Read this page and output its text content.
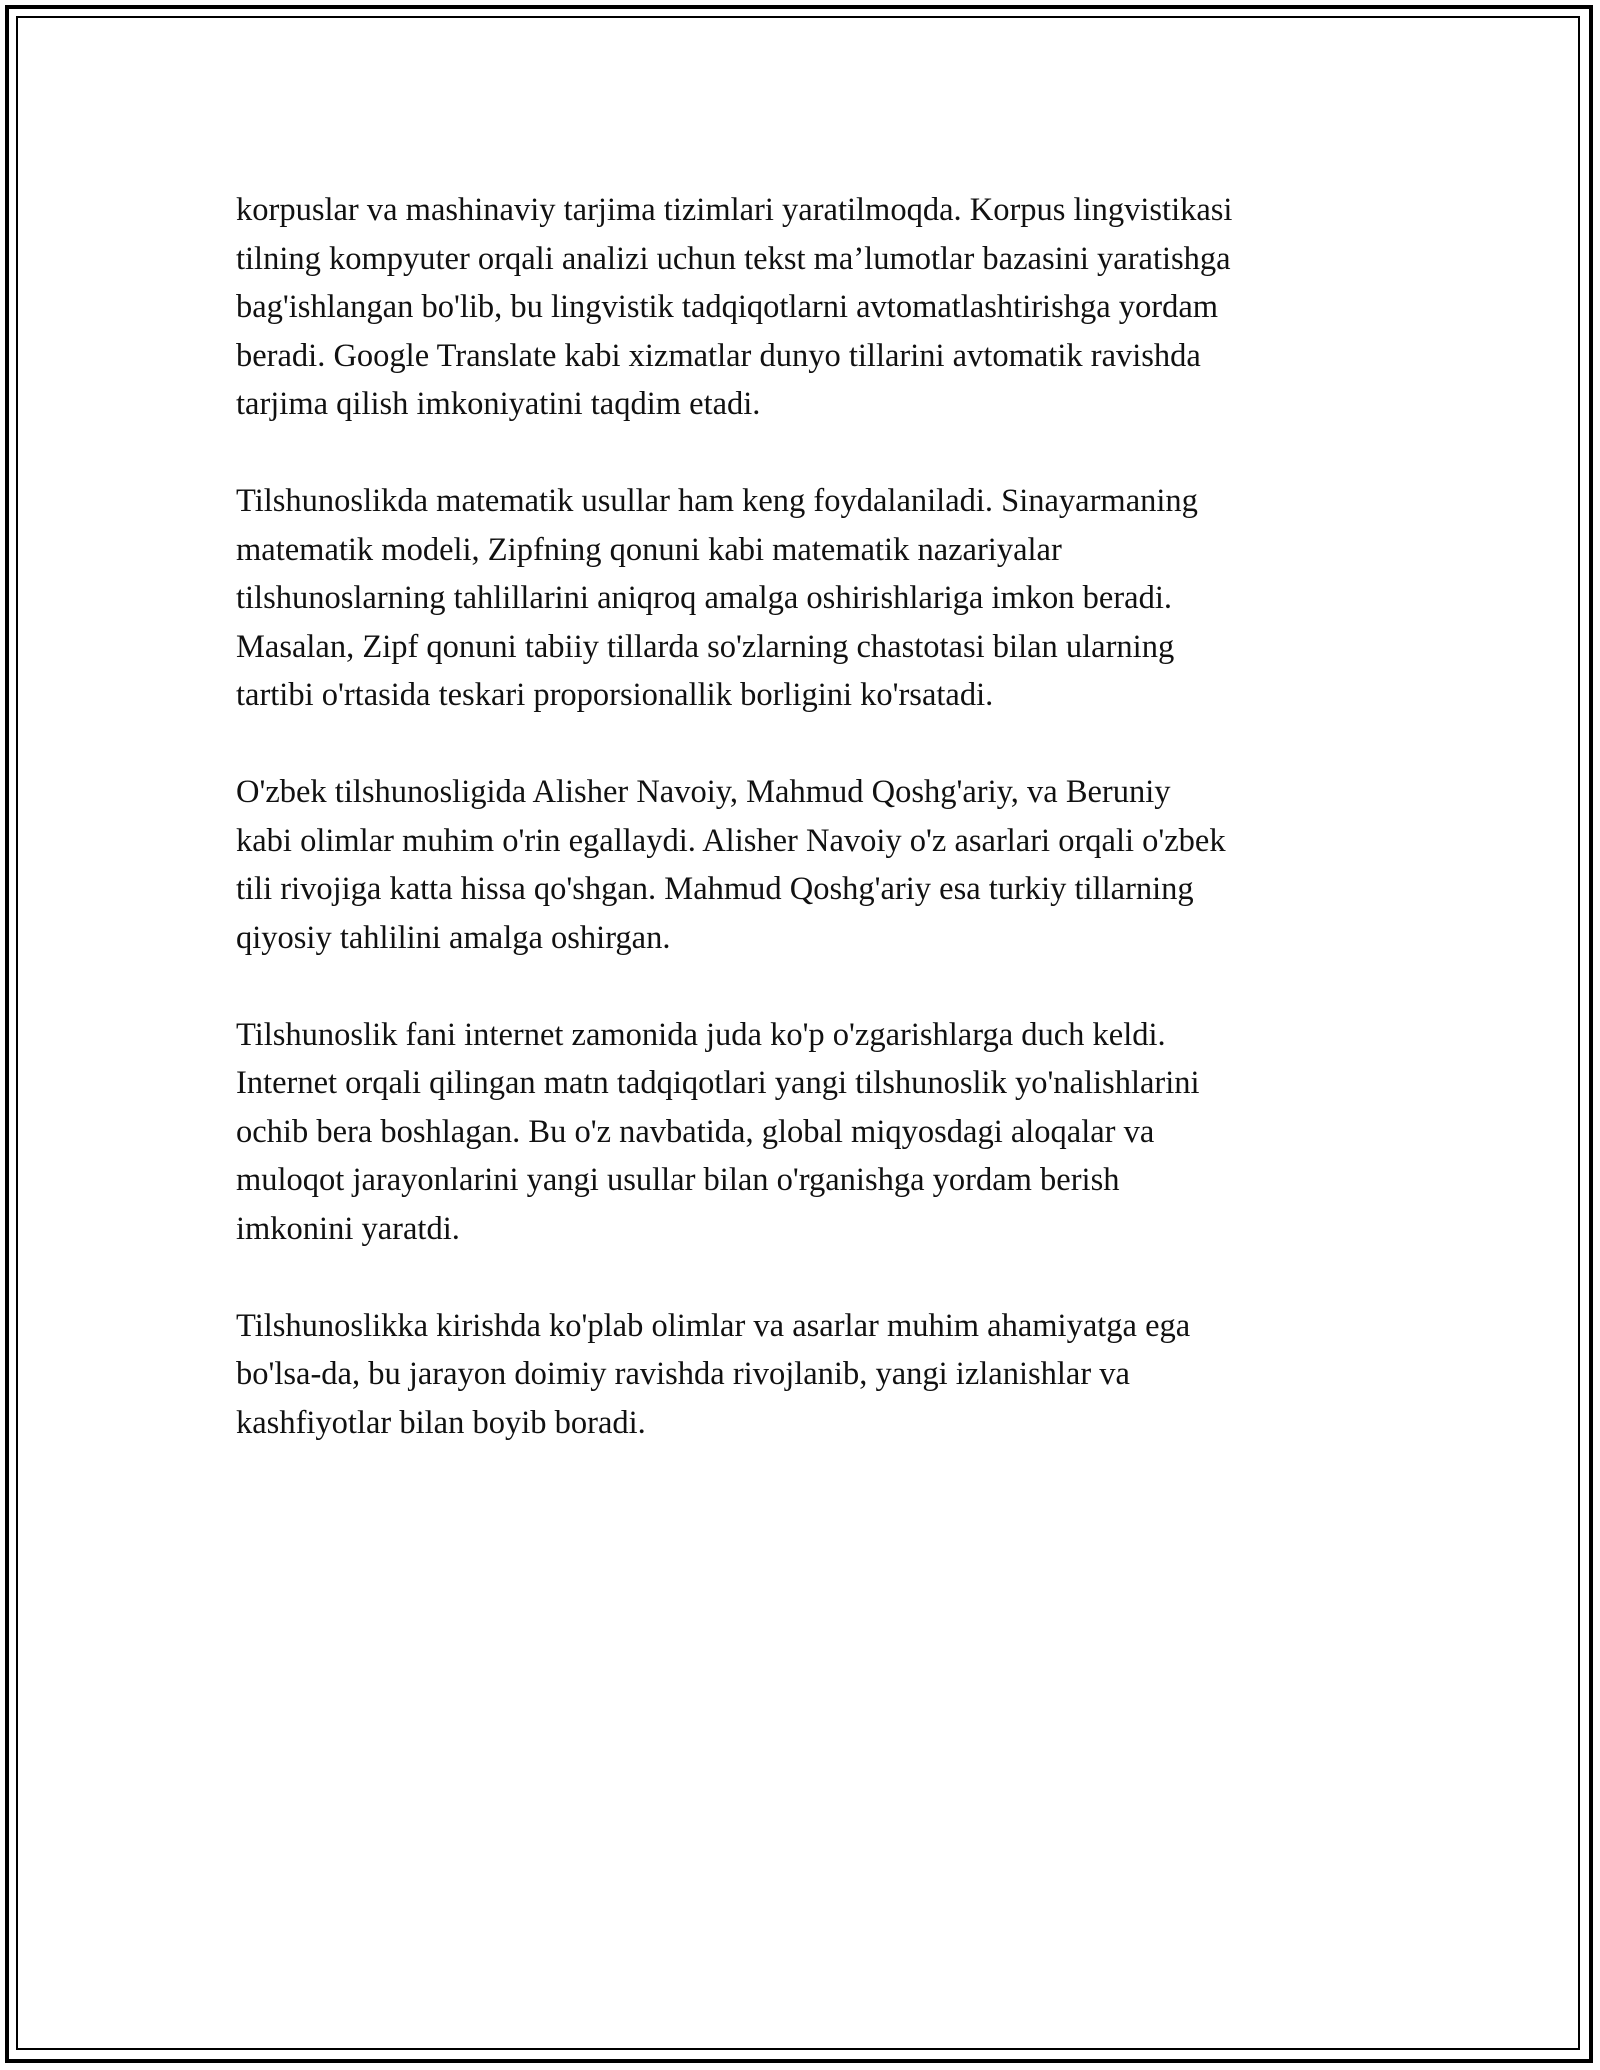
korpuslar va mashinaviy tarjima tizimlari yaratilmoqda. Korpus lingvistikasi
tilning kompyuter orqali analizi uchun tekst ma’lumotlar bazasini yaratishga
bag'ishlangan bo'lib, bu lingvistik tadqiqotlarni avtomatlashtirishga yordam
beradi. Google Translate kabi xizmatlar dunyo tillarini avtomatik ravishda
tarjima qilish imkoniyatini taqdim etadi.

Tilshunoslikda matematik usullar ham keng foydalaniladi. Sinayarmaning
matematik modeli, Zipfning qonuni kabi matematik nazariyalar
tilshunoslarning tahlillarini aniqroq amalga oshirishlariga imkon beradi.
Masalan, Zipf qonuni tabiiy tillarda so'zlarning chastotasi bilan ularning
tartibi o'rtasida teskari proporsionallik borligini ko'rsatadi.

O'zbek tilshunosligida Alisher Navoiy, Mahmud Qoshg'ariy, va Beruniy
kabi olimlar muhim o'rin egallaydi. Alisher Navoiy o'z asarlari orqali o'zbek
tili rivojiga katta hissa qo'shgan. Mahmud Qoshg'ariy esa turkiy tillarning
qiyosiy tahlilini amalga oshirgan.

Tilshunoslik fani internet zamonida juda ko'p o'zgarishlarga duch keldi.
Internet orqali qilingan matn tadqiqotlari yangi tilshunoslik yo'nalishlarini
ochib bera boshlagan. Bu o'z navbatida, global miqyosdagi aloqalar va
muloqot jarayonlarini yangi usullar bilan o'rganishga yordam berish
imkonini yaratdi.

Tilshunoslikka kirishda ko'plab olimlar va asarlar muhim ahamiyatga ega
bo'lsa-da, bu jarayon doimiy ravishda rivojlanib, yangi izlanishlar va
kashfiyotlar bilan boyib boradi.
